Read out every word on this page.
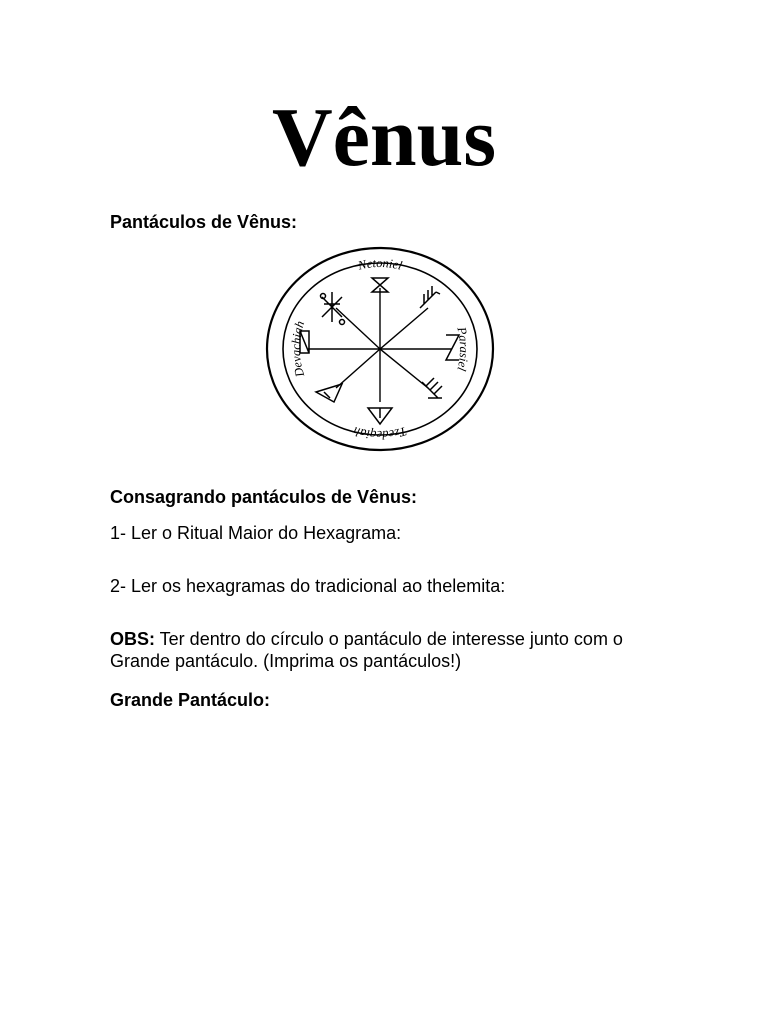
Vênus

Pantáculos de Vênus:

Netoniel
Parasiel
Tzedeqiah
Devachiah

Consagrando pantáculos de Vênus:

1- Ler o Ritual Maior do Hexagrama:

2- Ler os hexagramas do tradicional ao thelemita:

OBS: Ter dentro do círculo o pantáculo de interesse junto com o Grande pantáculo. (Imprima os pantáculos!)

Grande Pantáculo:
